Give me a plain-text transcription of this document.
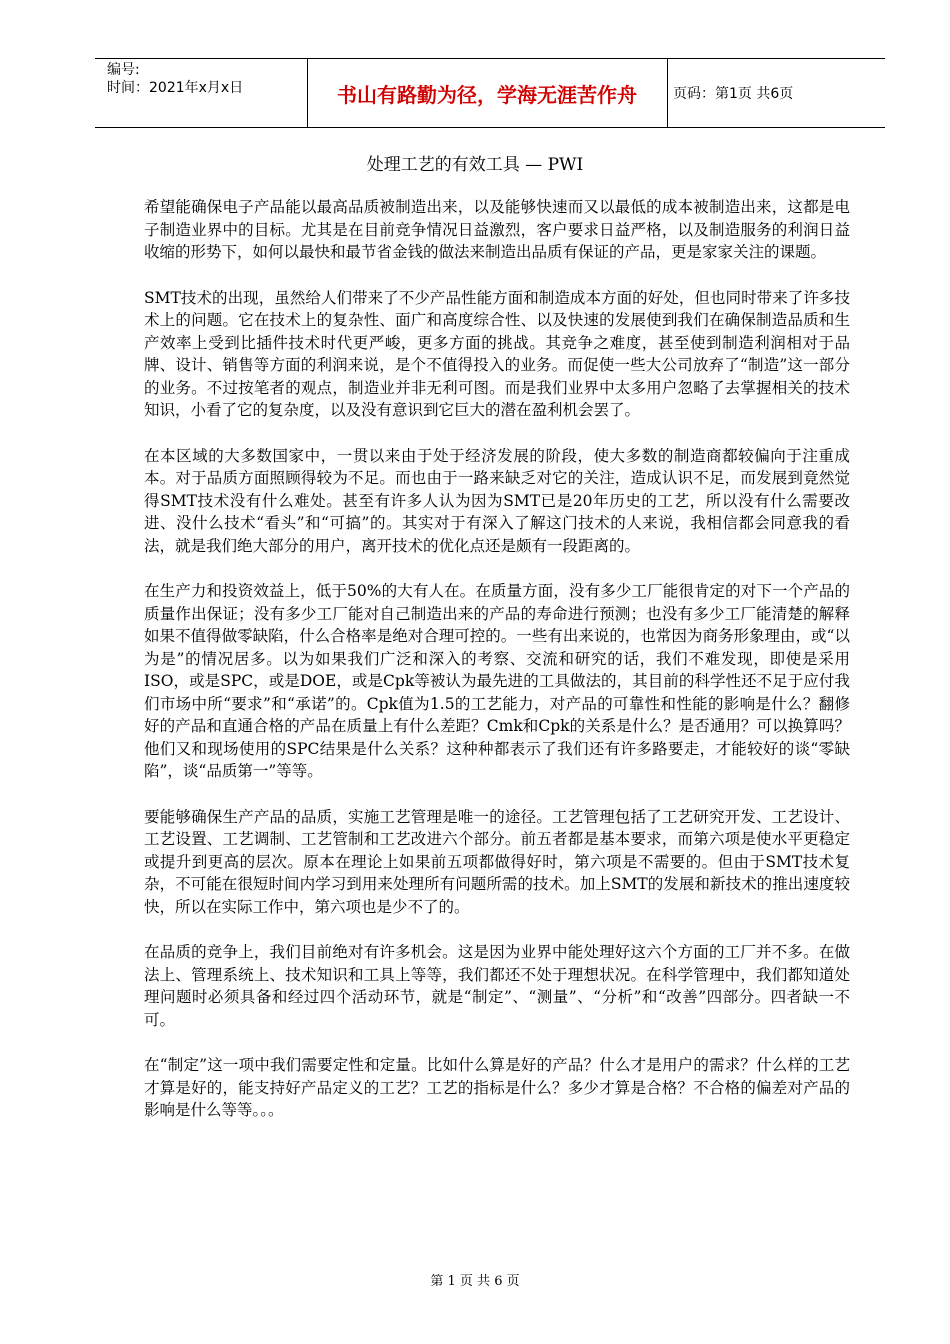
编号:
时间：2021年x月x日	书山有路勤为径，学海无涯苦作舟	页码：第1页 共6页
处理工艺的有效工具 — PWI

希望能确保电子产品能以最高品质被制造出来，以及能够快速而又以最低的成本被制造出来，这都是电子制造业界中的目标。尤其是在目前竞争情况日益激烈，客户要求日益严格，以及制造服务的利润日益收缩的形势下，如何以最快和最节省金钱的做法来制造出品质有保证的产品，更是家家关注的课题。

SMT技术的出现，虽然给人们带来了不少产品性能方面和制造成本方面的好处，但也同时带来了许多技术上的问题。它在技术上的复杂性、面广和高度综合性、以及快速的发展使到我们在确保制造品质和生产效率上受到比插件技术时代更严峻，更多方面的挑战。其竞争之难度，甚至使到制造利润相对于品牌、设计、销售等方面的利润来说，是个不值得投入的业务。而促使一些大公司放弃了“制造”这一部分的业务。不过按笔者的观点，制造业并非无利可图。而是我们业界中太多用户忽略了去掌握相关的技术知识，小看了它的复杂度，以及没有意识到它巨大的潜在盈利机会罢了。

在本区域的大多数国家中，一贯以来由于处于经济发展的阶段，使大多数的制造商都较偏向于注重成本。对于品质方面照顾得较为不足。而也由于一路来缺乏对它的关注，造成认识不足，而发展到竟然觉得SMT技术没有什么难处。甚至有许多人认为因为SMT已是20年历史的工艺，所以没有什么需要改进、没什么技术“看头”和“可搞”的。其实对于有深入了解这门技术的人来说，我相信都会同意我的看法，就是我们绝大部分的用户，离开技术的优化点还是颇有一段距离的。

在生产力和投资效益上，低于50%的大有人在。在质量方面，没有多少工厂能很肯定的对下一个产品的质量作出保证；没有多少工厂能对自己制造出来的产品的寿命进行预测；也没有多少工厂能清楚的解释如果不值得做零缺陷，什么合格率是绝对合理可控的。一些有出来说的，也常因为商务形象理由，或“以为是”的情况居多。以为如果我们广泛和深入的考察、交流和研究的话，我们不难发现，即使是采用ISO，或是SPC，或是DOE，或是Cpk等被认为最先进的工具做法的，其目前的科学性还不足于应付我们市场中所“要求”和“承诺”的。Cpk值为1.5的工艺能力，对产品的可靠性和性能的影响是什么？翻修好的产品和直通合格的产品在质量上有什么差距？Cmk和Cpk的关系是什么？是否通用？可以换算吗？他们又和现场使用的SPC结果是什么关系？这种种都表示了我们还有许多路要走，才能较好的谈“零缺陷”，谈“品质第一”等等。

要能够确保生产产品的品质，实施工艺管理是唯一的途径。工艺管理包括了工艺研究开发、工艺设计、工艺设置、工艺调制、工艺管制和工艺改进六个部分。前五者都是基本要求，而第六项是使水平更稳定或提升到更高的层次。原本在理论上如果前五项都做得好时，第六项是不需要的。但由于SMT技术复杂，不可能在很短时间内学习到用来处理所有问题所需的技术。加上SMT的发展和新技术的推出速度较快，所以在实际工作中，第六项也是少不了的。

在品质的竞争上，我们目前绝对有许多机会。这是因为业界中能处理好这六个方面的工厂并不多。在做法上、管理系统上、技术知识和工具上等等，我们都还不处于理想状况。在科学管理中，我们都知道处理问题时必须具备和经过四个活动环节，就是“制定”、“测量”、“分析”和“改善”四部分。四者缺一不可。

在“制定”这一项中我们需要定性和定量。比如什么算是好的产品？什么才是用户的需求？什么样的工艺才算是好的，能支持好产品定义的工艺？工艺的指标是什么？多少才算是合格？不合格的偏差对产品的影响是什么等等。。。

第 1 页 共 6 页
